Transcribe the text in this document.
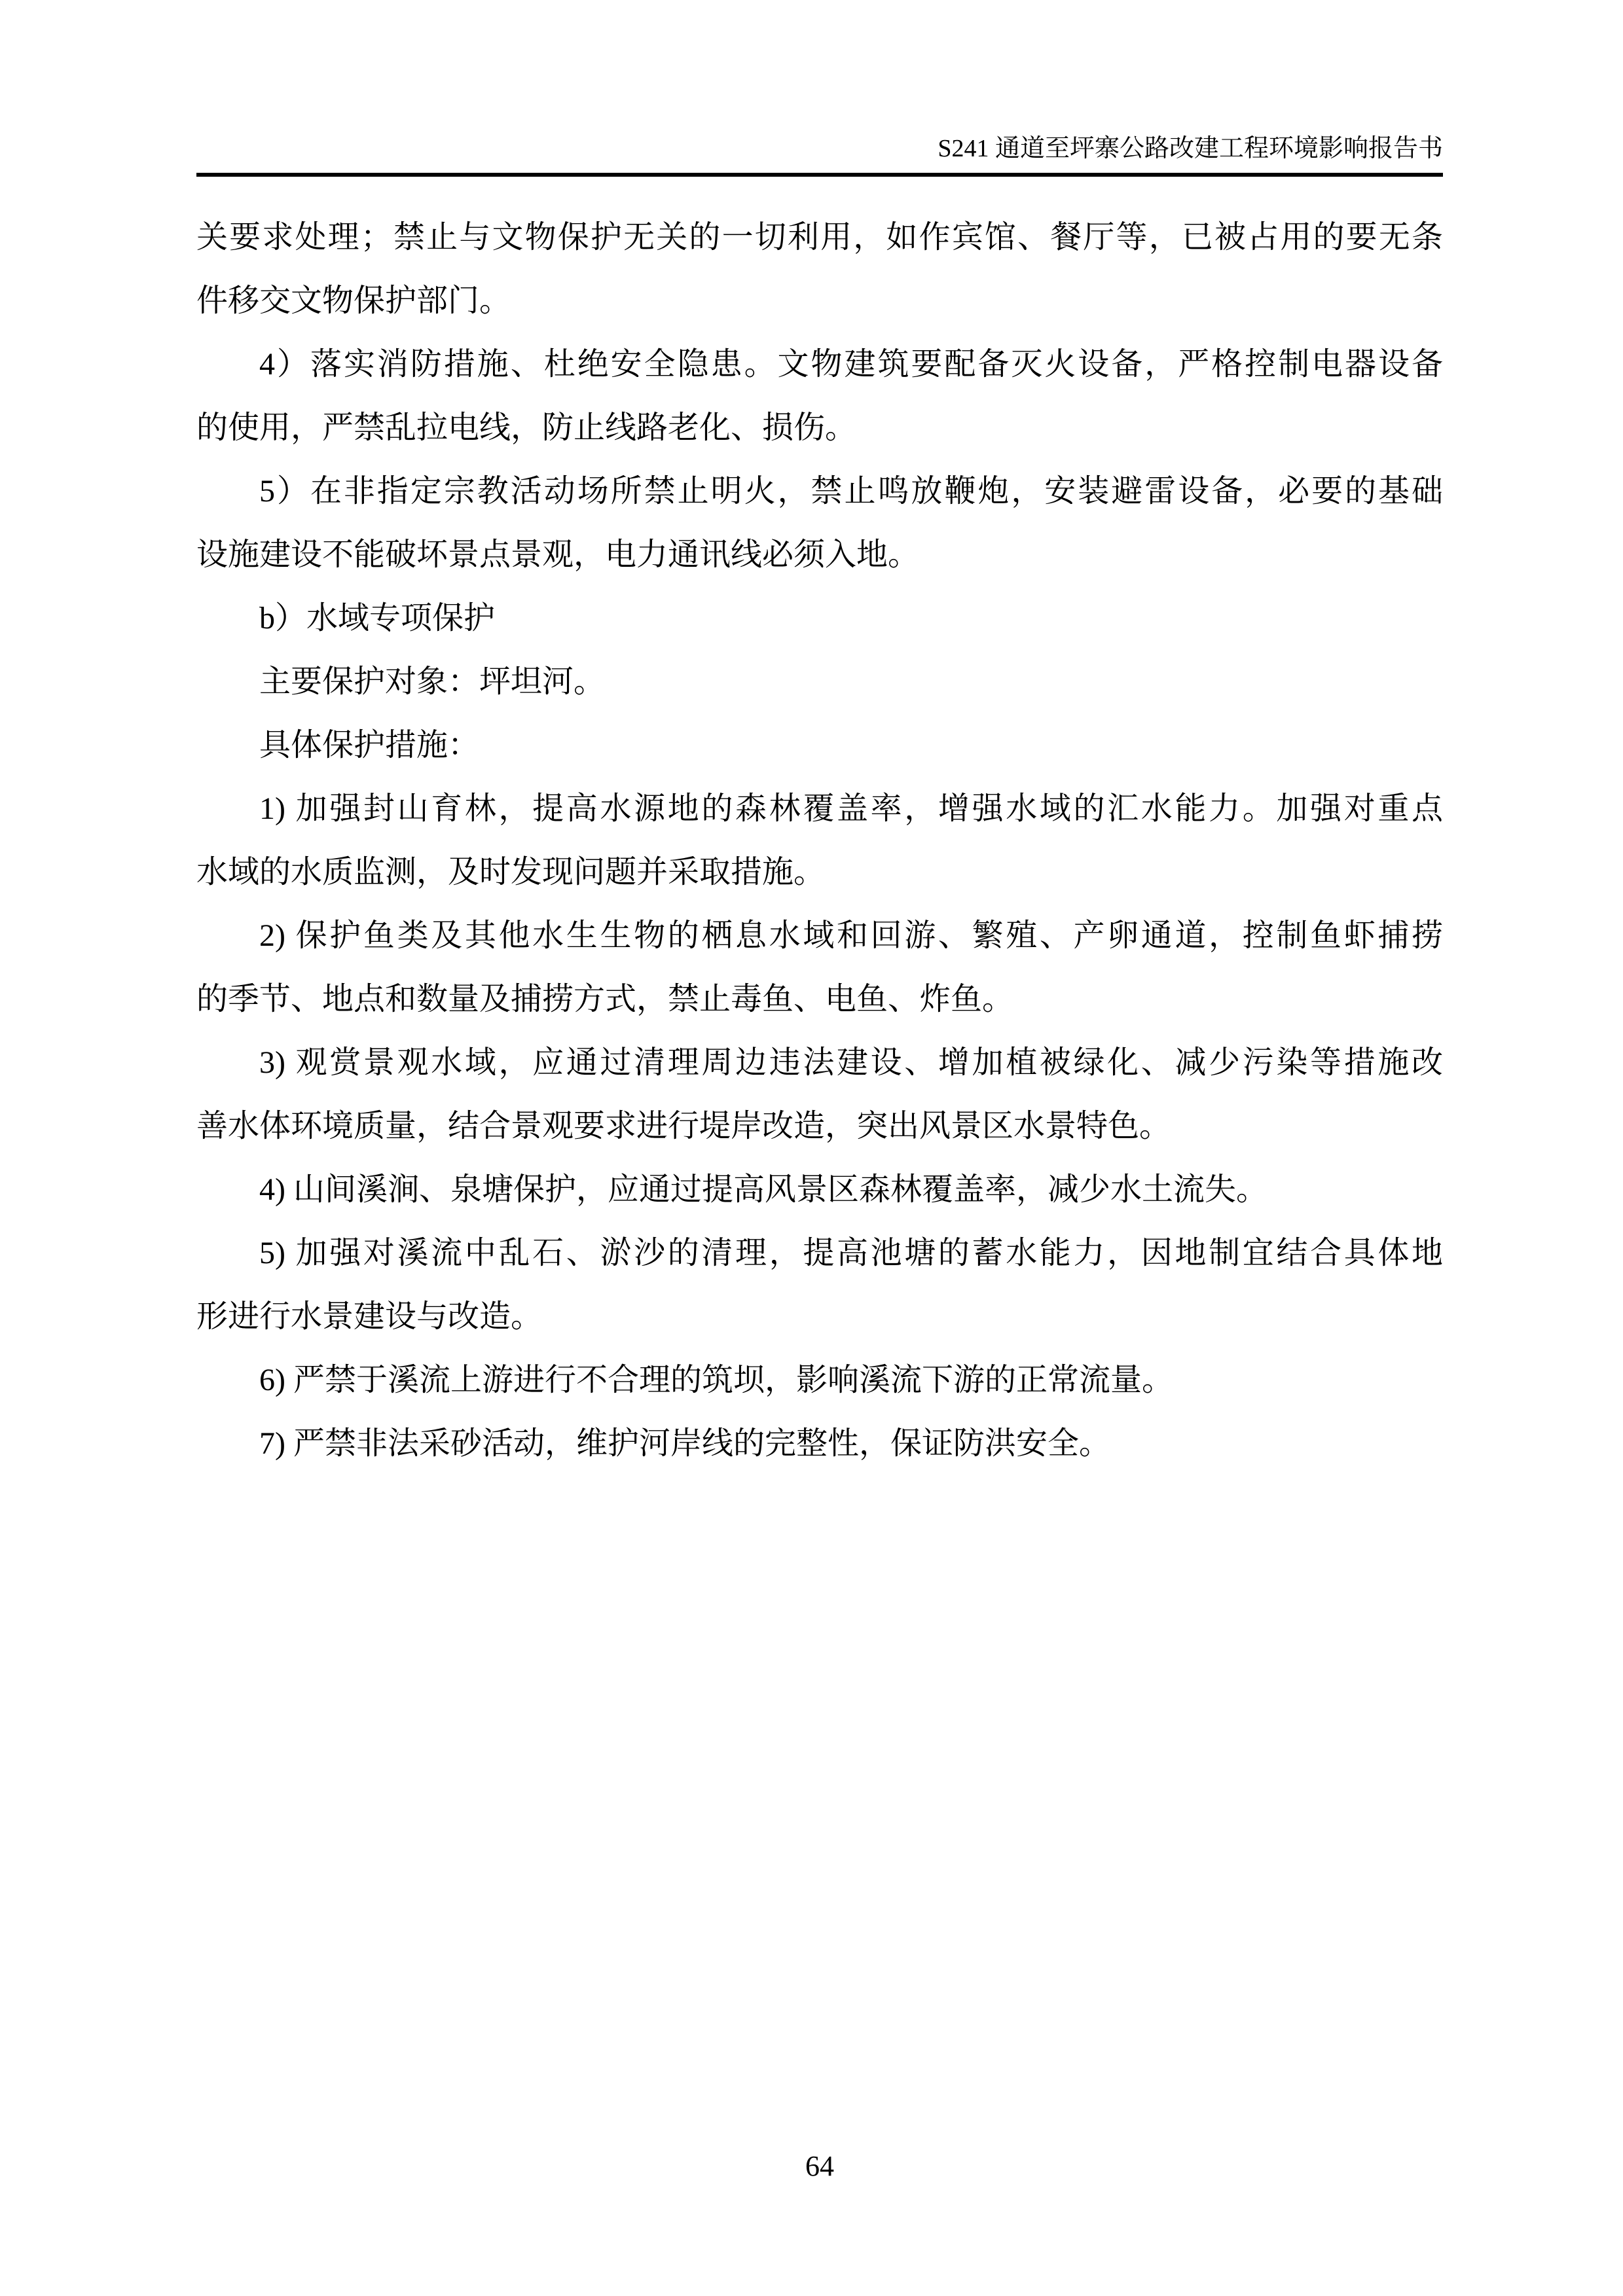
S241 通道至坪寨公路改建工程环境影响报告书
关要求处理；禁止与文物保护无关的一切利用，如作宾馆、餐厅等，已被占用的要无条
件移交文物保护部门。
4）落实消防措施、杜绝安全隐患。文物建筑要配备灭火设备，严格控制电器设备
的使用，严禁乱拉电线，防止线路老化、损伤。
5）在非指定宗教活动场所禁止明火，禁止鸣放鞭炮，安装避雷设备，必要的基础
设施建设不能破坏景点景观，电力通讯线必须入地。
b）水域专项保护
主要保护对象：坪坦河。
具体保护措施：
1) 加强封山育林，提高水源地的森林覆盖率，增强水域的汇水能力。加强对重点
水域的水质监测，及时发现问题并采取措施。
2) 保护鱼类及其他水生生物的栖息水域和回游、繁殖、产卵通道，控制鱼虾捕捞
的季节、地点和数量及捕捞方式，禁止毒鱼、电鱼、炸鱼。
3) 观赏景观水域，应通过清理周边违法建设、增加植被绿化、减少污染等措施改
善水体环境质量，结合景观要求进行堤岸改造，突出风景区水景特色。
4) 山间溪涧、泉塘保护，应通过提高风景区森林覆盖率，减少水土流失。
5) 加强对溪流中乱石、淤沙的清理，提高池塘的蓄水能力，因地制宜结合具体地
形进行水景建设与改造。
6) 严禁于溪流上游进行不合理的筑坝，影响溪流下游的正常流量。
7) 严禁非法采砂活动，维护河岸线的完整性，保证防洪安全。
64
